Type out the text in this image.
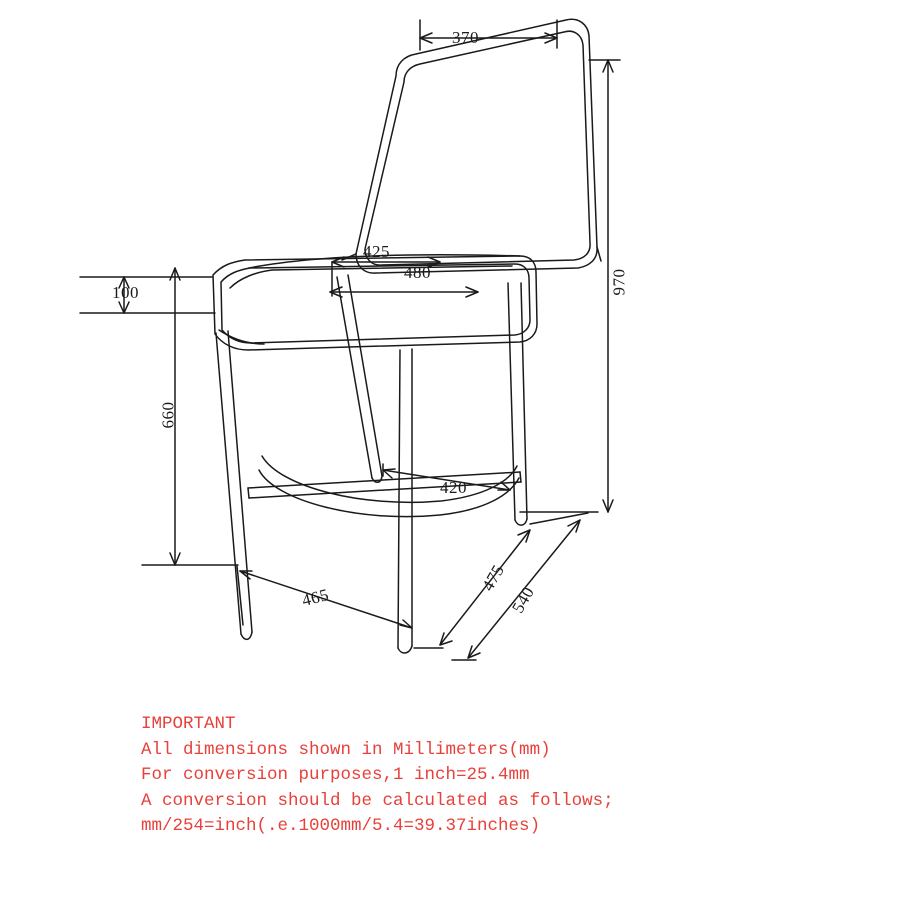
370
970
425
480
100
660
420
465
475
540
IMPORTANT
All dimensions shown in Millimeters(mm)
For conversion purposes,1 inch=25.4mm
A conversion should be calculated as follows;
mm/254=inch(.e.1000mm/5.4=39.37inches)
